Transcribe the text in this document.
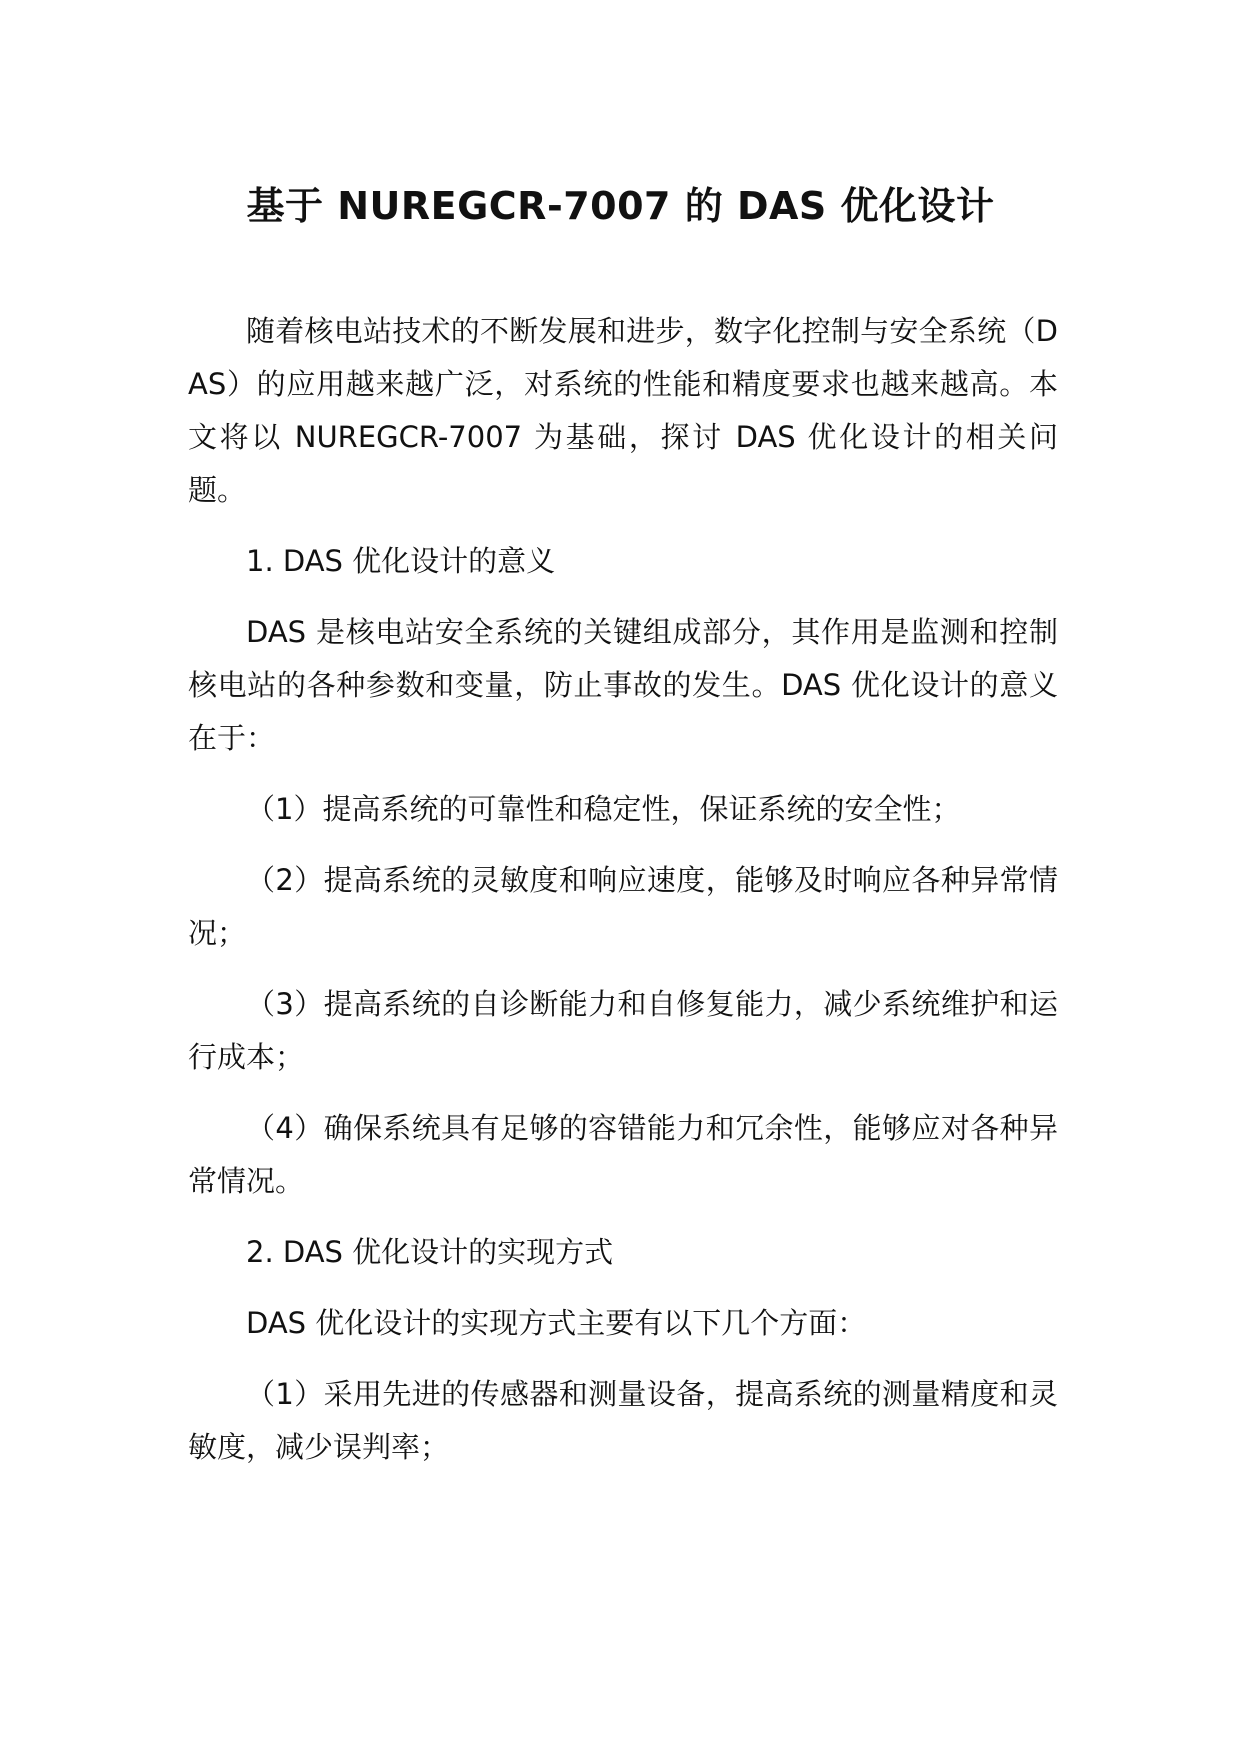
基于 NUREGCR-7007 的 DAS 优化设计

随着核电站技术的不断发展和进步，数字化控制与安全系统（DAS）的应用越来越广泛，对系统的性能和精度要求也越来越高。本文将以 NUREGCR-7007 为基础，探讨 DAS 优化设计的相关问题。

1. DAS 优化设计的意义

DAS 是核电站安全系统的关键组成部分，其作用是监测和控制核电站的各种参数和变量，防止事故的发生。DAS 优化设计的意义在于：

（1）提高系统的可靠性和稳定性，保证系统的安全性；

（2）提高系统的灵敏度和响应速度，能够及时响应各种异常情况；

（3）提高系统的自诊断能力和自修复能力，减少系统维护和运行成本；

（4）确保系统具有足够的容错能力和冗余性，能够应对各种异常情况。

2. DAS 优化设计的实现方式

DAS 优化设计的实现方式主要有以下几个方面：

（1）采用先进的传感器和测量设备，提高系统的测量精度和灵敏度，减少误判率；
